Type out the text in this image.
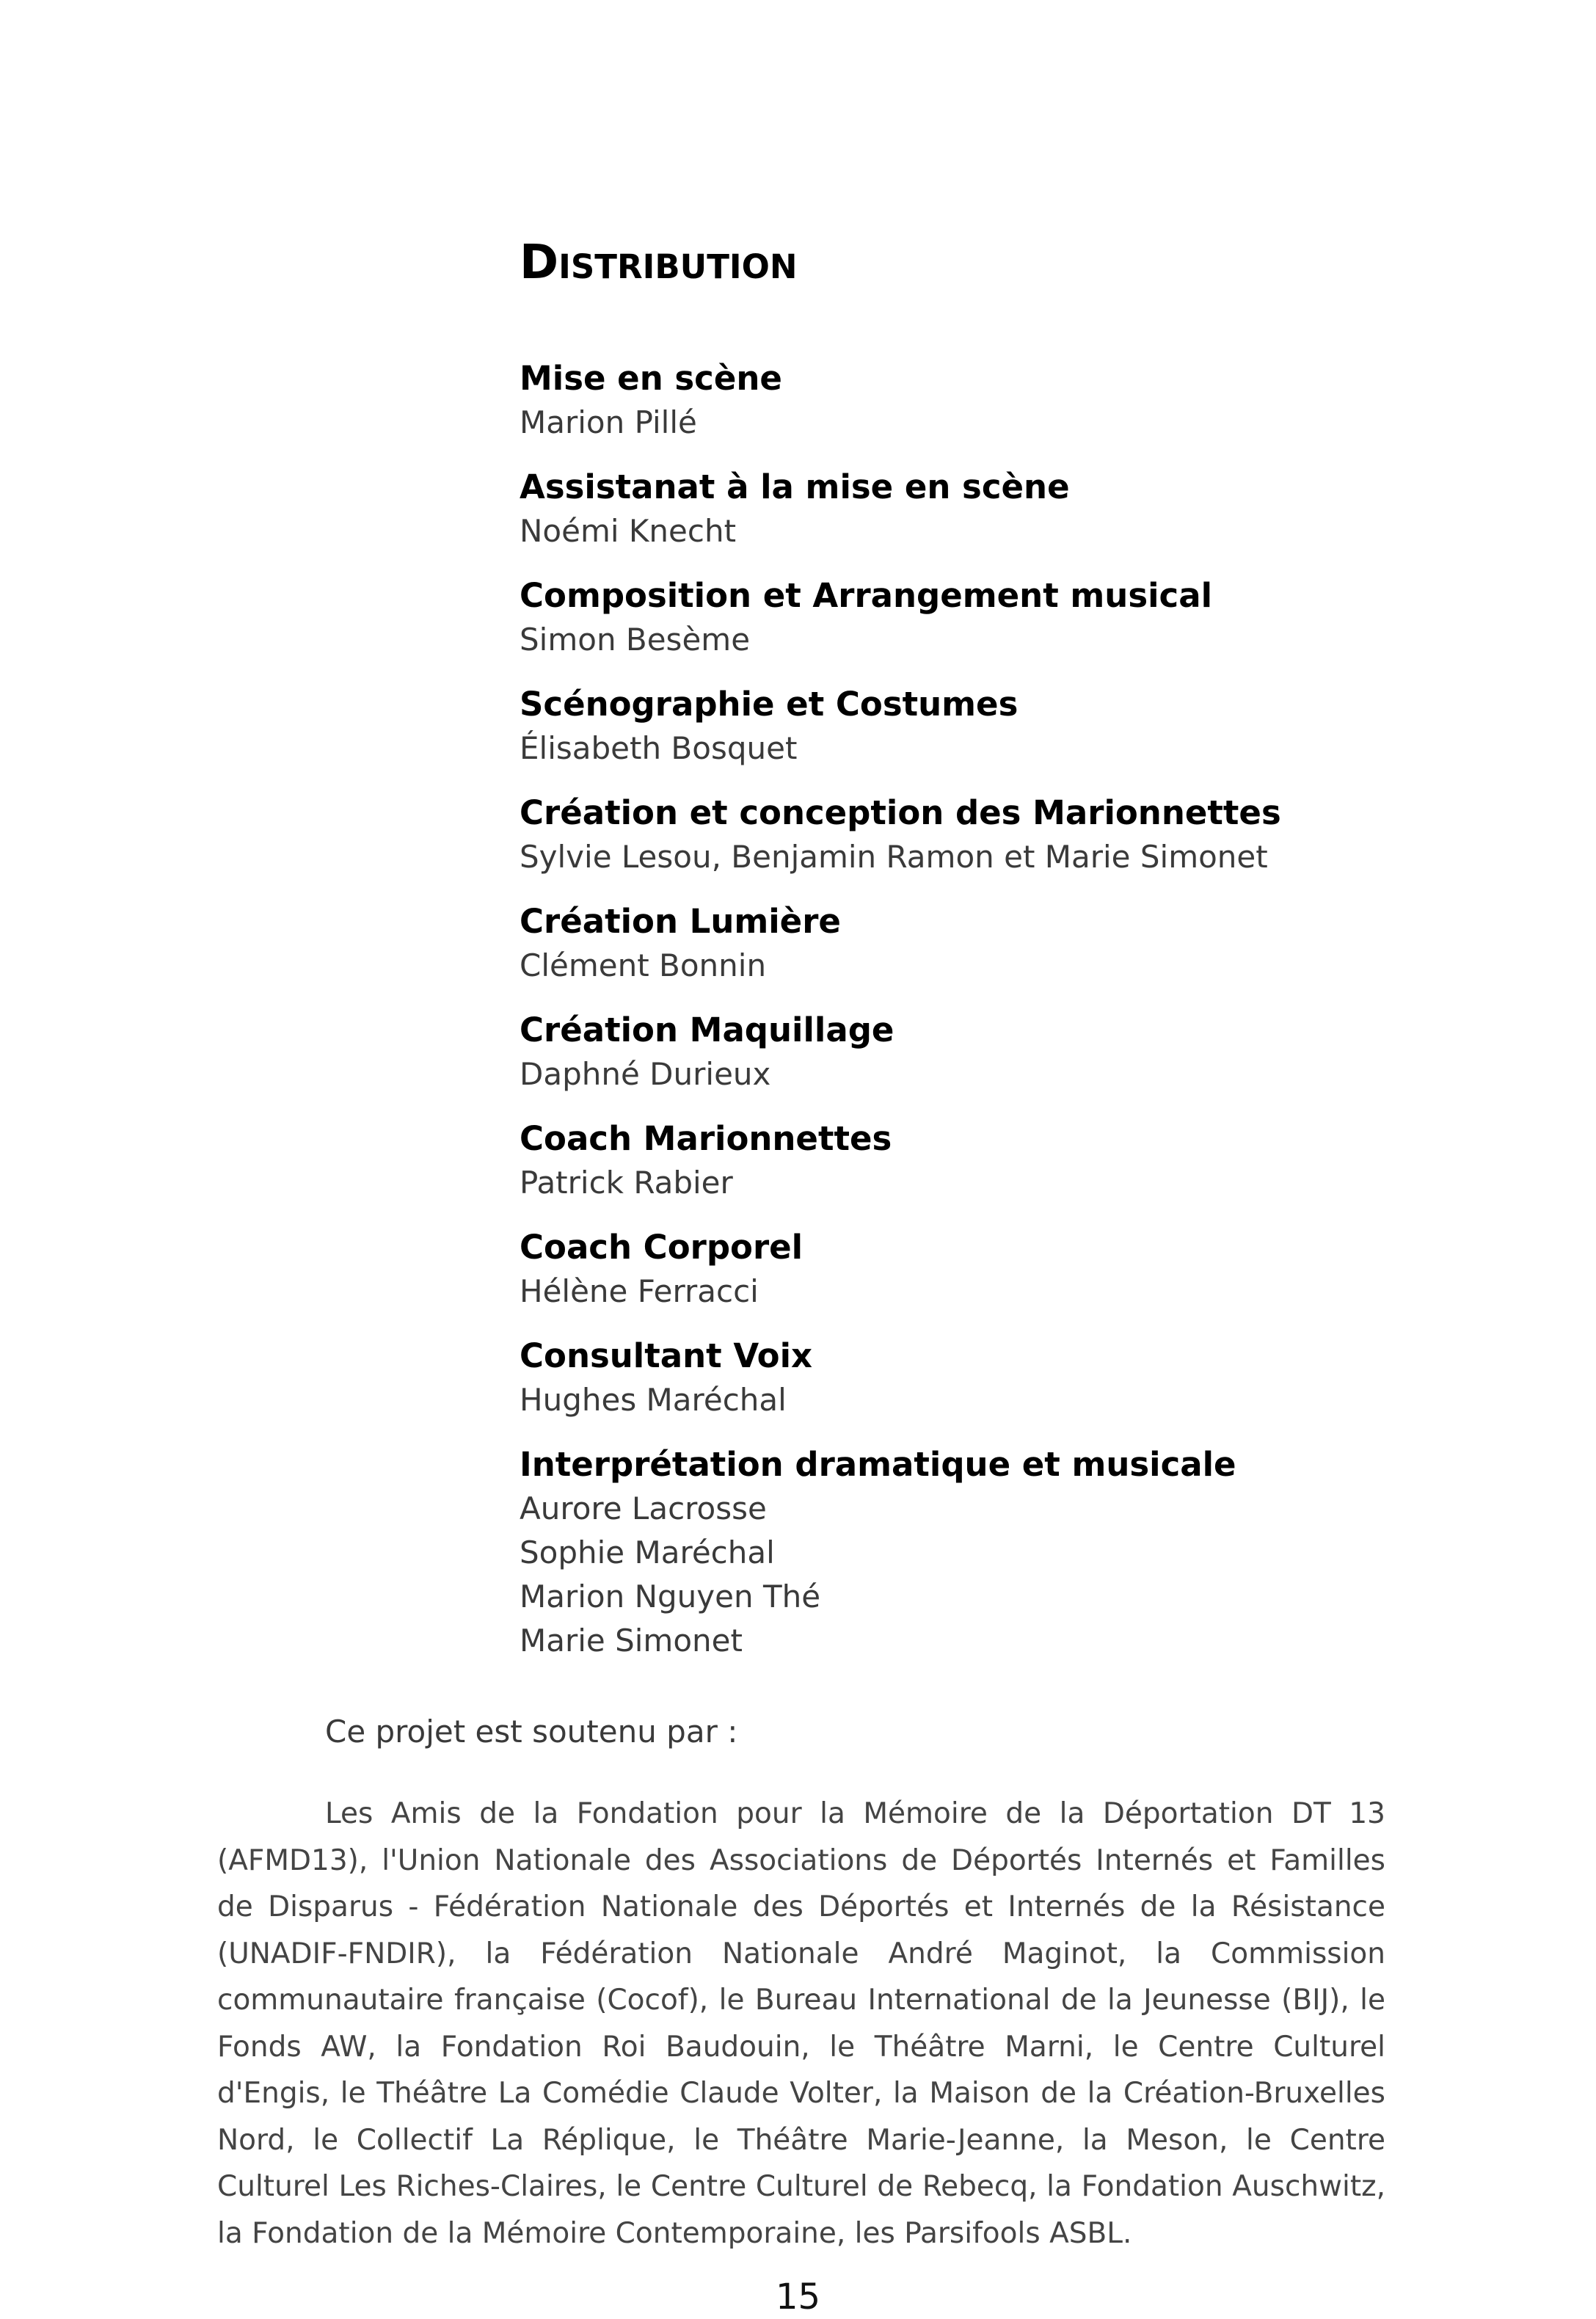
Distribution
Mise en scène
Marion Pillé
Assistanat à la mise en scène
Noémi Knecht
Composition et Arrangement musical
Simon Besème
Scénographie et Costumes
Élisabeth Bosquet
Création et conception des Marionnettes
Sylvie Lesou, Benjamin Ramon et Marie Simonet
Création Lumière
Clément Bonnin
Création Maquillage
Daphné Durieux
Coach Marionnettes
Patrick Rabier
Coach Corporel
Hélène Ferracci
Consultant Voix
Hughes Maréchal
Interprétation dramatique et musicale
Aurore Lacrosse
Sophie Maréchal
Marion Nguyen Thé
Marie Simonet

Ce projet est soutenu par :

Les Amis de la Fondation pour la Mémoire de la Déportation DT 13 (AFMD13), l'Union Nationale des Associations de Déportés Internés et Familles de Disparus - Fédération Nationale des Déportés et Internés de la Résistance (UNADIF-FNDIR), la Fédération Nationale André Maginot, la Commission communautaire française (Cocof), le Bureau International de la Jeunesse (BIJ), le Fonds AW, la Fondation Roi Baudouin, le Théâtre Marni, le Centre Culturel d'Engis, le Théâtre La Comédie Claude Volter, la Maison de la Création-Bruxelles Nord, le Collectif La Réplique, le Théâtre Marie-Jeanne, la Meson, le Centre Culturel Les Riches-Claires, le Centre Culturel de Rebecq, la Fondation Auschwitz, la Fondation de la Mémoire Contemporaine, les Parsifools ASBL.

15
